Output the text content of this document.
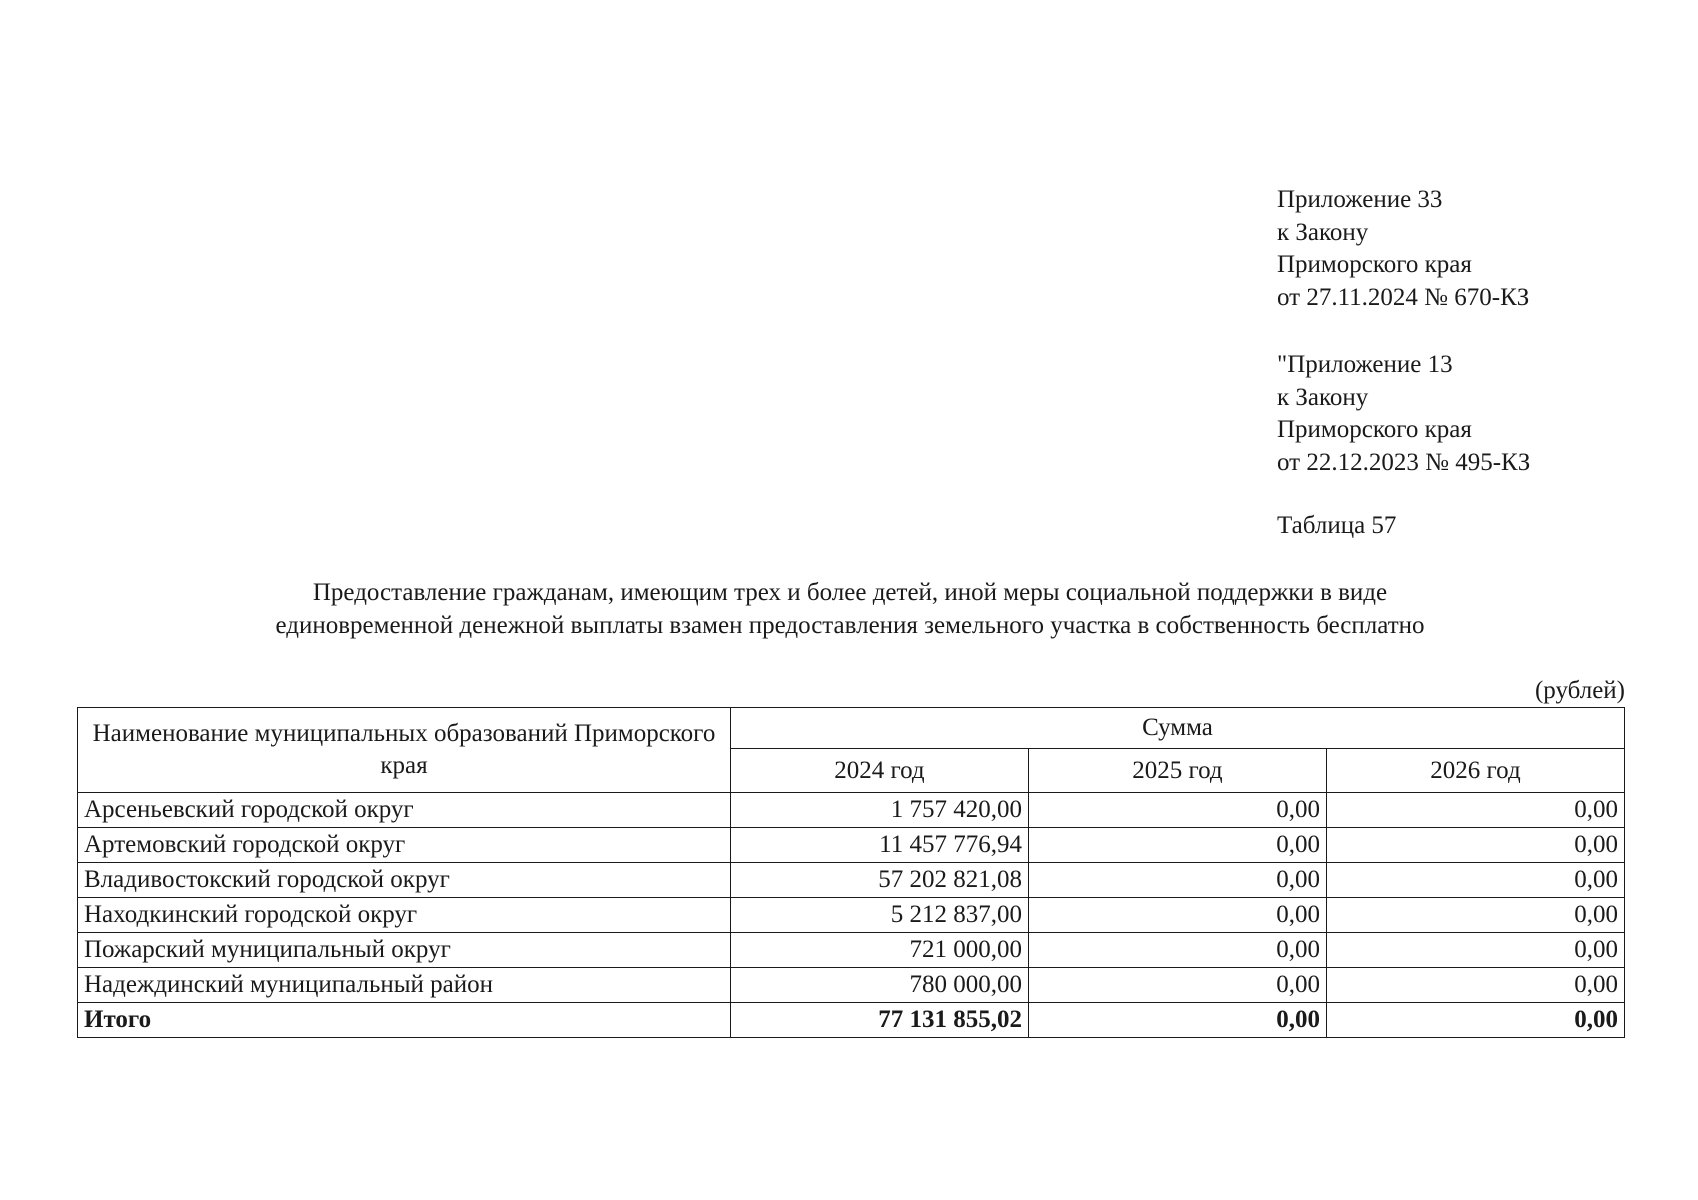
Приложение 33
к Закону
Приморского края
от 27.11.2024 № 670-КЗ
"Приложение 13
к Закону
Приморского края
от 22.12.2023 № 495-КЗ
Таблица 57
Предоставление гражданам, имеющим трех и более детей, иной меры социальной поддержки в виде
единовременной денежной выплаты взамен предоставления земельного участка в собственность бесплатно
(рублей)
Наименование муниципальных образований Приморского края	Сумма		
	2024 год	2025 год	2026 год
Арсеньевский городской округ	1 757 420,00	0,00	0,00
Артемовский городской округ	11 457 776,94	0,00	0,00
Владивостокский городской округ	57 202 821,08	0,00	0,00
Находкинский городской округ	5 212 837,00	0,00	0,00
Пожарский муниципальный округ	721 000,00	0,00	0,00
Надеждинский муниципальный район	780 000,00	0,00	0,00
Итого	77 131 855,02	0,00	0,00
